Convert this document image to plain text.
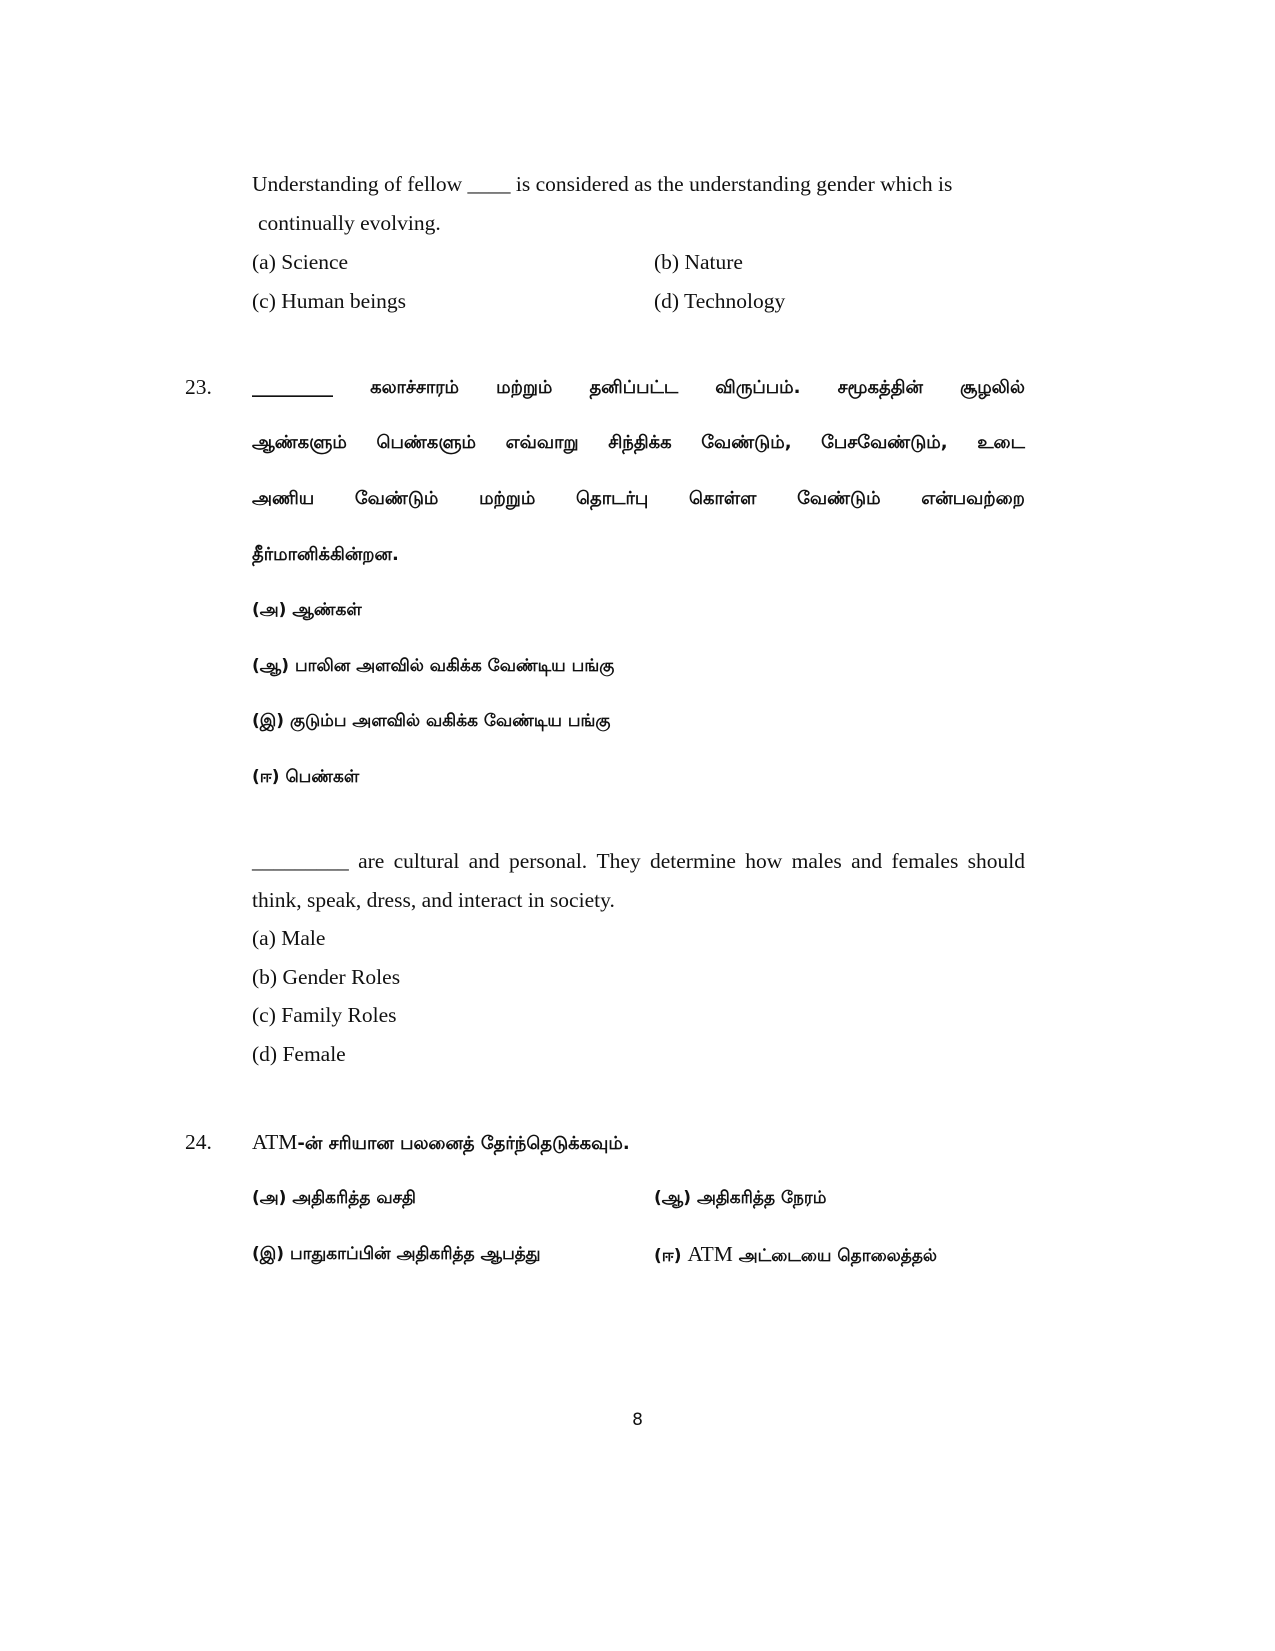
Understanding of fellow ____ is considered as the understanding gender which is
continually evolving.
(a) Science	(b) Nature
(c) Human beings	(d) Technology
23. _________ கலாச்சாரம் மற்றும் தனிப்பட்ட விருப்பம். சமூகத்தின் சூழலில்
ஆண்களும் பெண்களும் எவ்வாறு சிந்திக்க வேண்டும், பேசவேண்டும், உடை
அணிய வேண்டும் மற்றும் தொடர்பு கொள்ள வேண்டும் என்பவற்றை
தீர்மானிக்கின்றன.
(அ) ஆண்கள்
(ஆ) பாலின அளவில் வகிக்க வேண்டிய பங்கு
(இ) குடும்ப அளவில் வகிக்க வேண்டிய பங்கு
(ஈ) பெண்கள்
_________ are cultural and personal. They determine how males and females should
think, speak, dress, and interact in society.
(a) Male
(b) Gender Roles
(c) Family Roles
(d) Female
24. ATM-ன் சரியான பலனைத் தேர்ந்தெடுக்கவும்.
(அ) அதிகரித்த வசதி	(ஆ) அதிகரித்த நேரம்
(இ) பாதுகாப்பின் அதிகரித்த ஆபத்து	(ஈ) ATM அட்டையை தொலைத்தல்
8
